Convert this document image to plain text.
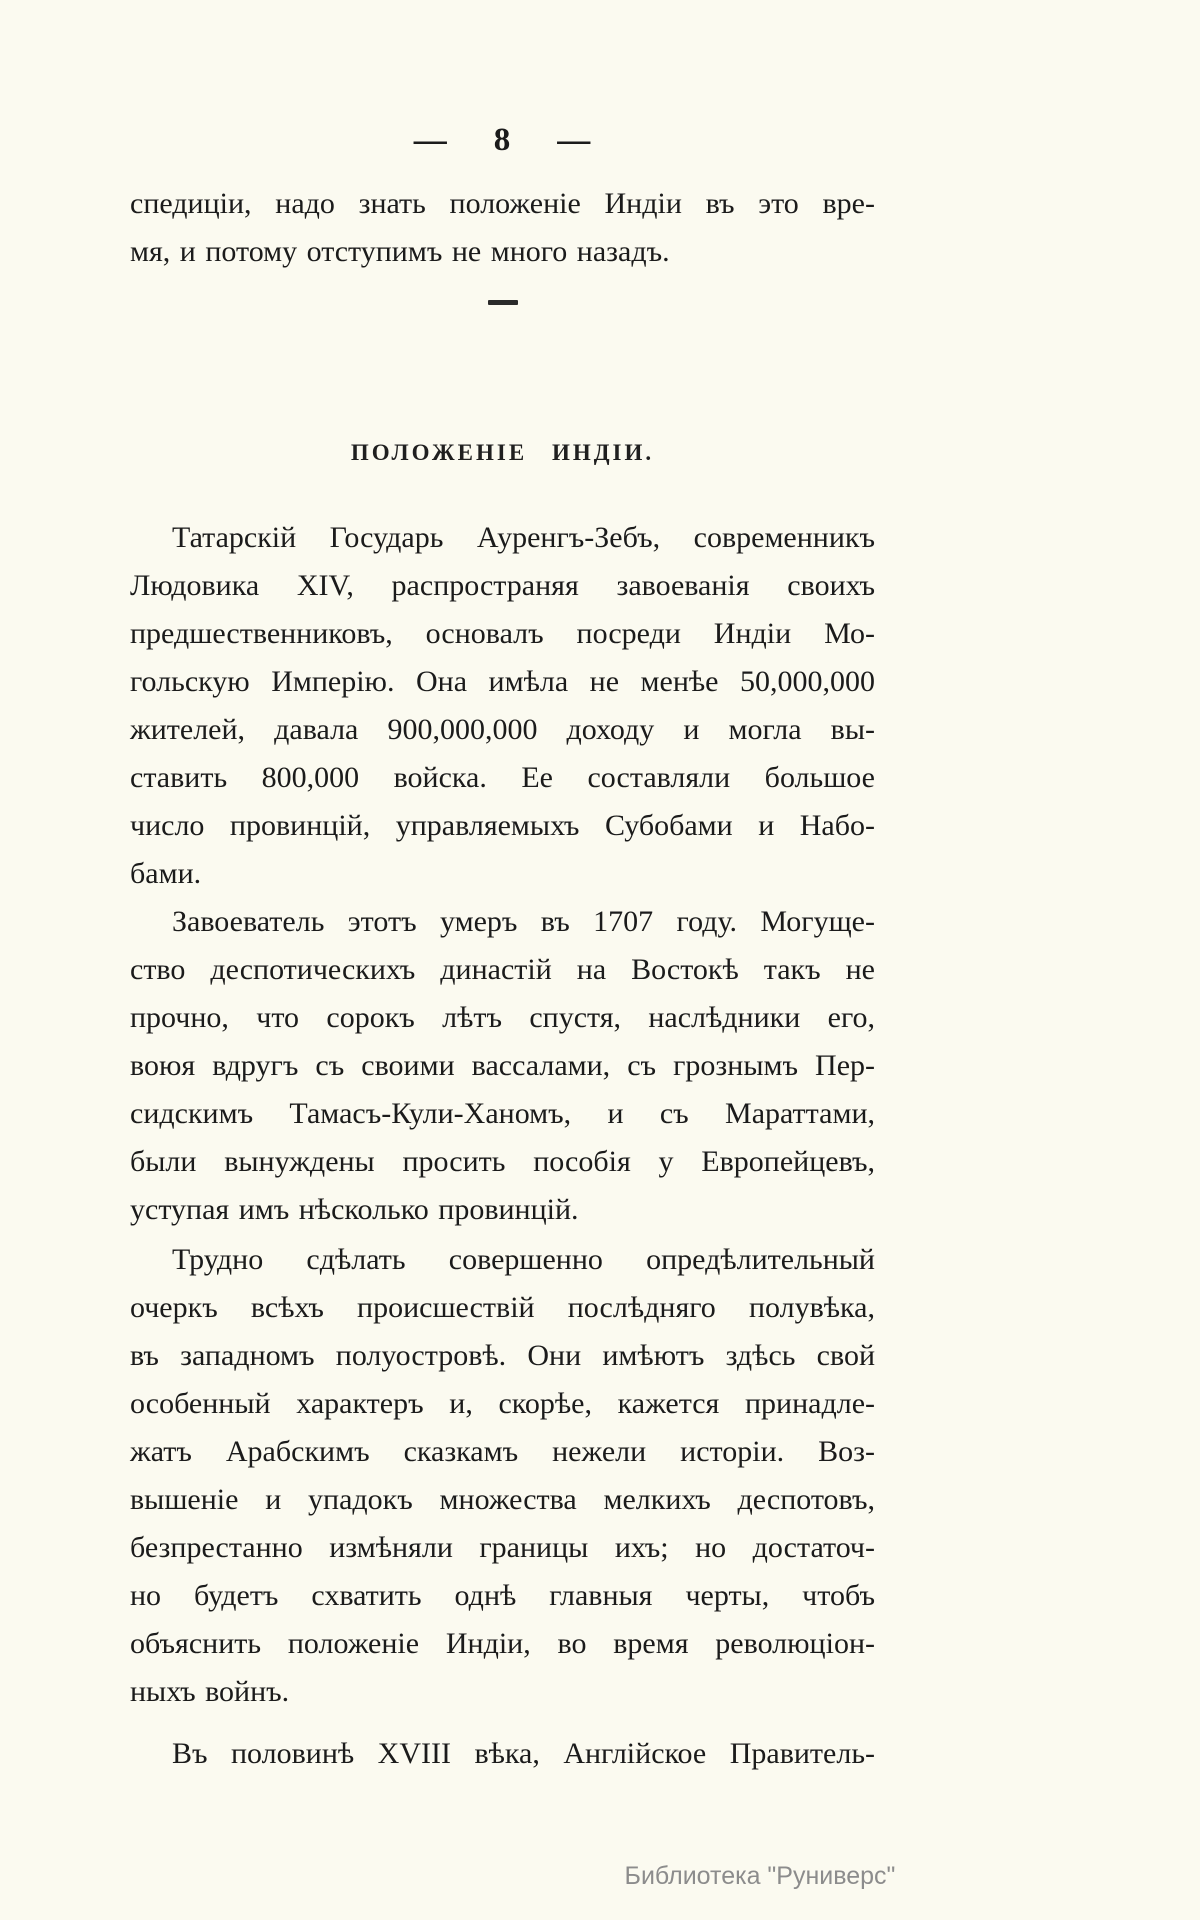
— 8 —
спедиціи, надо знать положеніе Индіи въ это вре-
мя, и потому отступимъ не много назадъ.
ПОЛОЖЕНІЕ ИНДІИ.
Татарскій Государь Ауренгъ-Зебъ, современникъ
Людовика XIV, распространяя завоеванія своихъ
предшественниковъ, основалъ посреди Индіи Мо-
гольскую Имперію. Она имѣла не менѣе 50,000,000
жителей, давала 900,000,000 доходу и могла вы-
ставить 800,000 войска. Ее составляли большое
число провинцій, управляемыхъ Субобами и Набо-
бами.
Завоеватель этотъ умеръ въ 1707 году. Могуще-
ство деспотическихъ династій на Востокѣ такъ не
прочно, что сорокъ лѣтъ спустя, наслѣдники его,
воюя вдругъ съ своими вассалами, съ грознымъ Пер-
сидскимъ Тамасъ-Кули-Ханомъ, и съ Мараттами,
были вынуждены просить пособія у Европейцевъ,
уступая имъ нѣсколько провинцій.
Трудно сдѣлать совершенно опредѣлительный
очеркъ всѣхъ происшествій послѣдняго полувѣка,
въ западномъ полуостровѣ. Они имѣютъ здѣсь свой
особенный характеръ и, скорѣе, кажется принадле-
жатъ Арабскимъ сказкамъ нежели исторіи. Воз-
вышеніе и упадокъ множества мелкихъ деспотовъ,
безпрестанно измѣняли границы ихъ; но достаточ-
но будетъ схватить однѣ главныя черты, чтобъ
объяснить положеніе Индіи, во время революціон-
ныхъ войнъ.
Въ половинѣ XVIII вѣка, Англійское Правитель-
Библиотека "Руниверс"
